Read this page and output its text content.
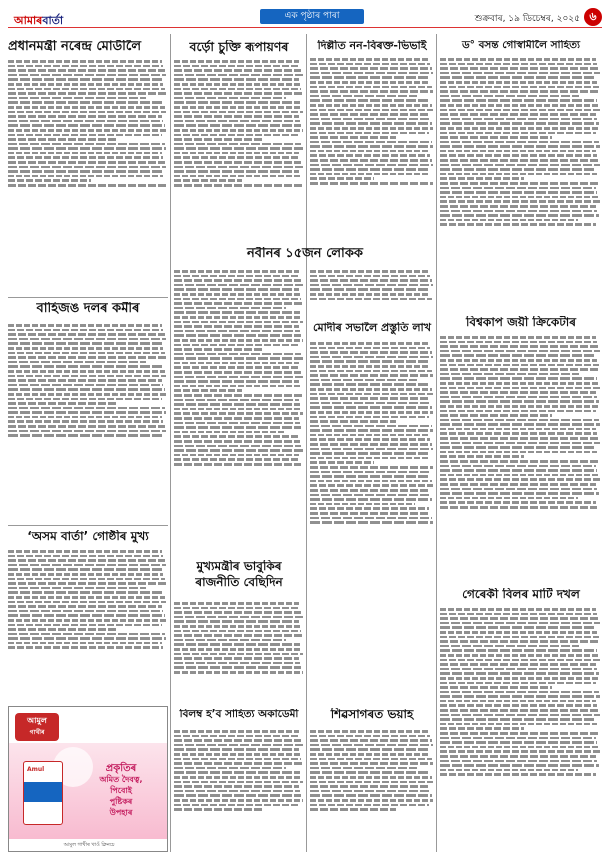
আমাৰবাৰ্তা	এক পৃষ্ঠাৰ পাৰা	শুক্ৰবাৰ, ১৯ ডিচেম্বৰ, ২০২৫ ৬
প্ৰধানমন্ত্ৰী নৰেন্দ্ৰ মোডীলৈ
বাহিজঙ দলৰ কৰ্মীৰ
‘অসম বাৰ্তা’ গোষ্ঠীৰ মুখ্য
আমুল
গাখীৰ
Amul	প্ৰকৃতিৰ
অমিত দৈবত্ব,
পিবোই
পুষ্টিকৰ
উপহাৰ
আমুল গাখীৰ খাওঁ ক্লিনচে
বৰ্ড়ো চুক্তি ৰূপায়ণৰ
নবীনৰ ১৫জন লোকক
মুখ্যমন্ত্ৰীৰ ভাবুকিৰ
ৰাজনীতি বেছিদিন
বিলম্ব হ’ব সাহিত্য অকাডেমী
দিল্লীত নন-বিৰক্ত-ভিভাই
মোদীৰ সভালৈ প্ৰস্তুতি লাখ
শিৱসাগৰত ভয়াহ
ড° বসন্ত গোস্বামীলৈ সাহিত্য
বিশ্বকাপ জয়ী ক্ৰিকেটাৰ
গেৰেকী বিলৰ মাটি দখল
